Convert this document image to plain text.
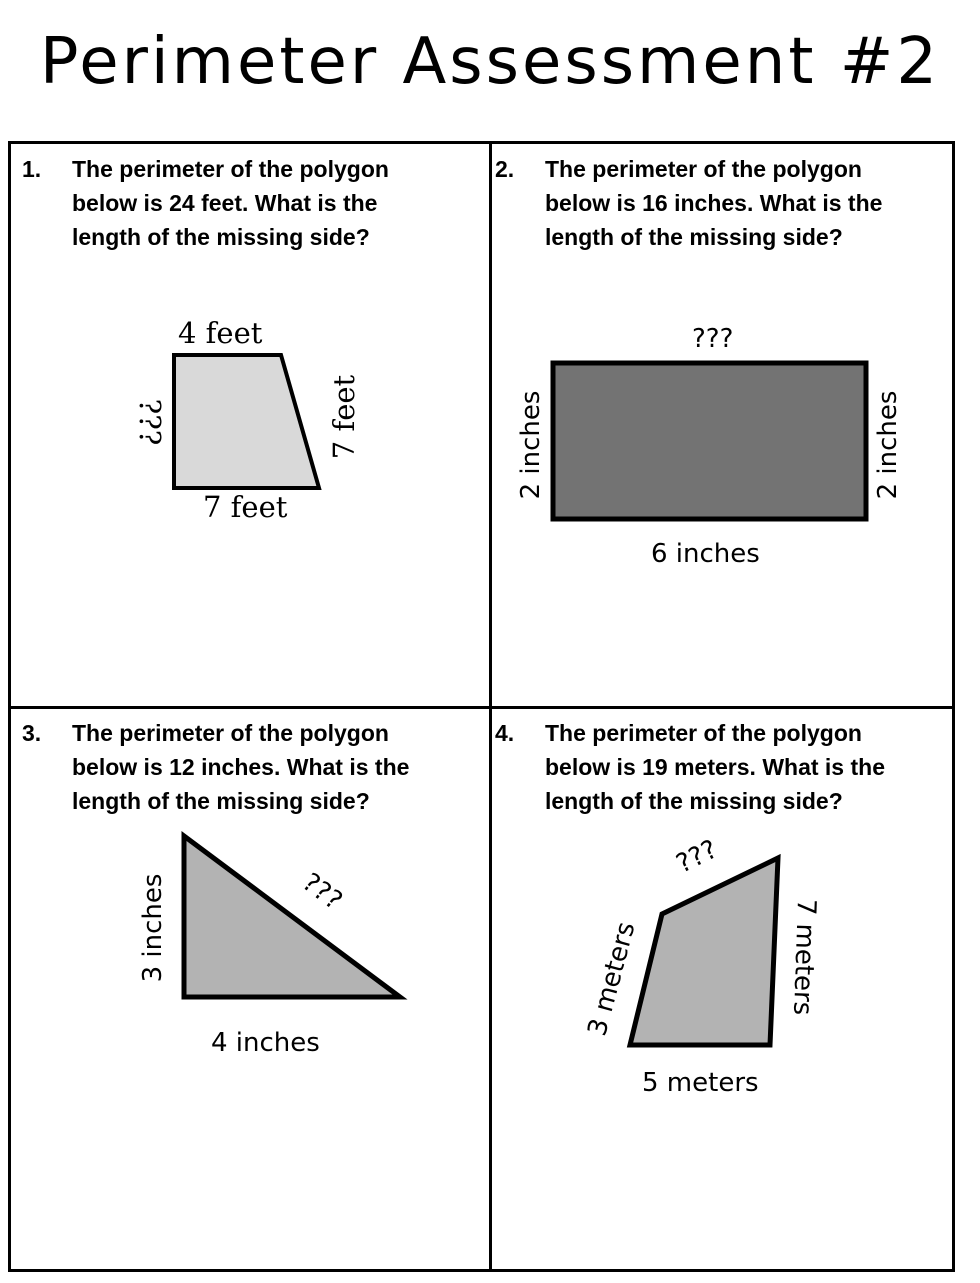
Perimeter Assessment #2
1. The perimeter of the polygon
below is 24 feet. What is the
length of the missing side?
2. The perimeter of the polygon
below is 16 inches. What is the
length of the missing side?
3. The perimeter of the polygon
below is 12 inches. What is the
length of the missing side?
4. The perimeter of the polygon
below is 19 meters. What is the
length of the missing side?
4 feet
7 feet
???	7 feet
???
6 inches
2 inches	2 inches
3 inches	???
4 inches
???
3 meters	7 meters
5 meters
